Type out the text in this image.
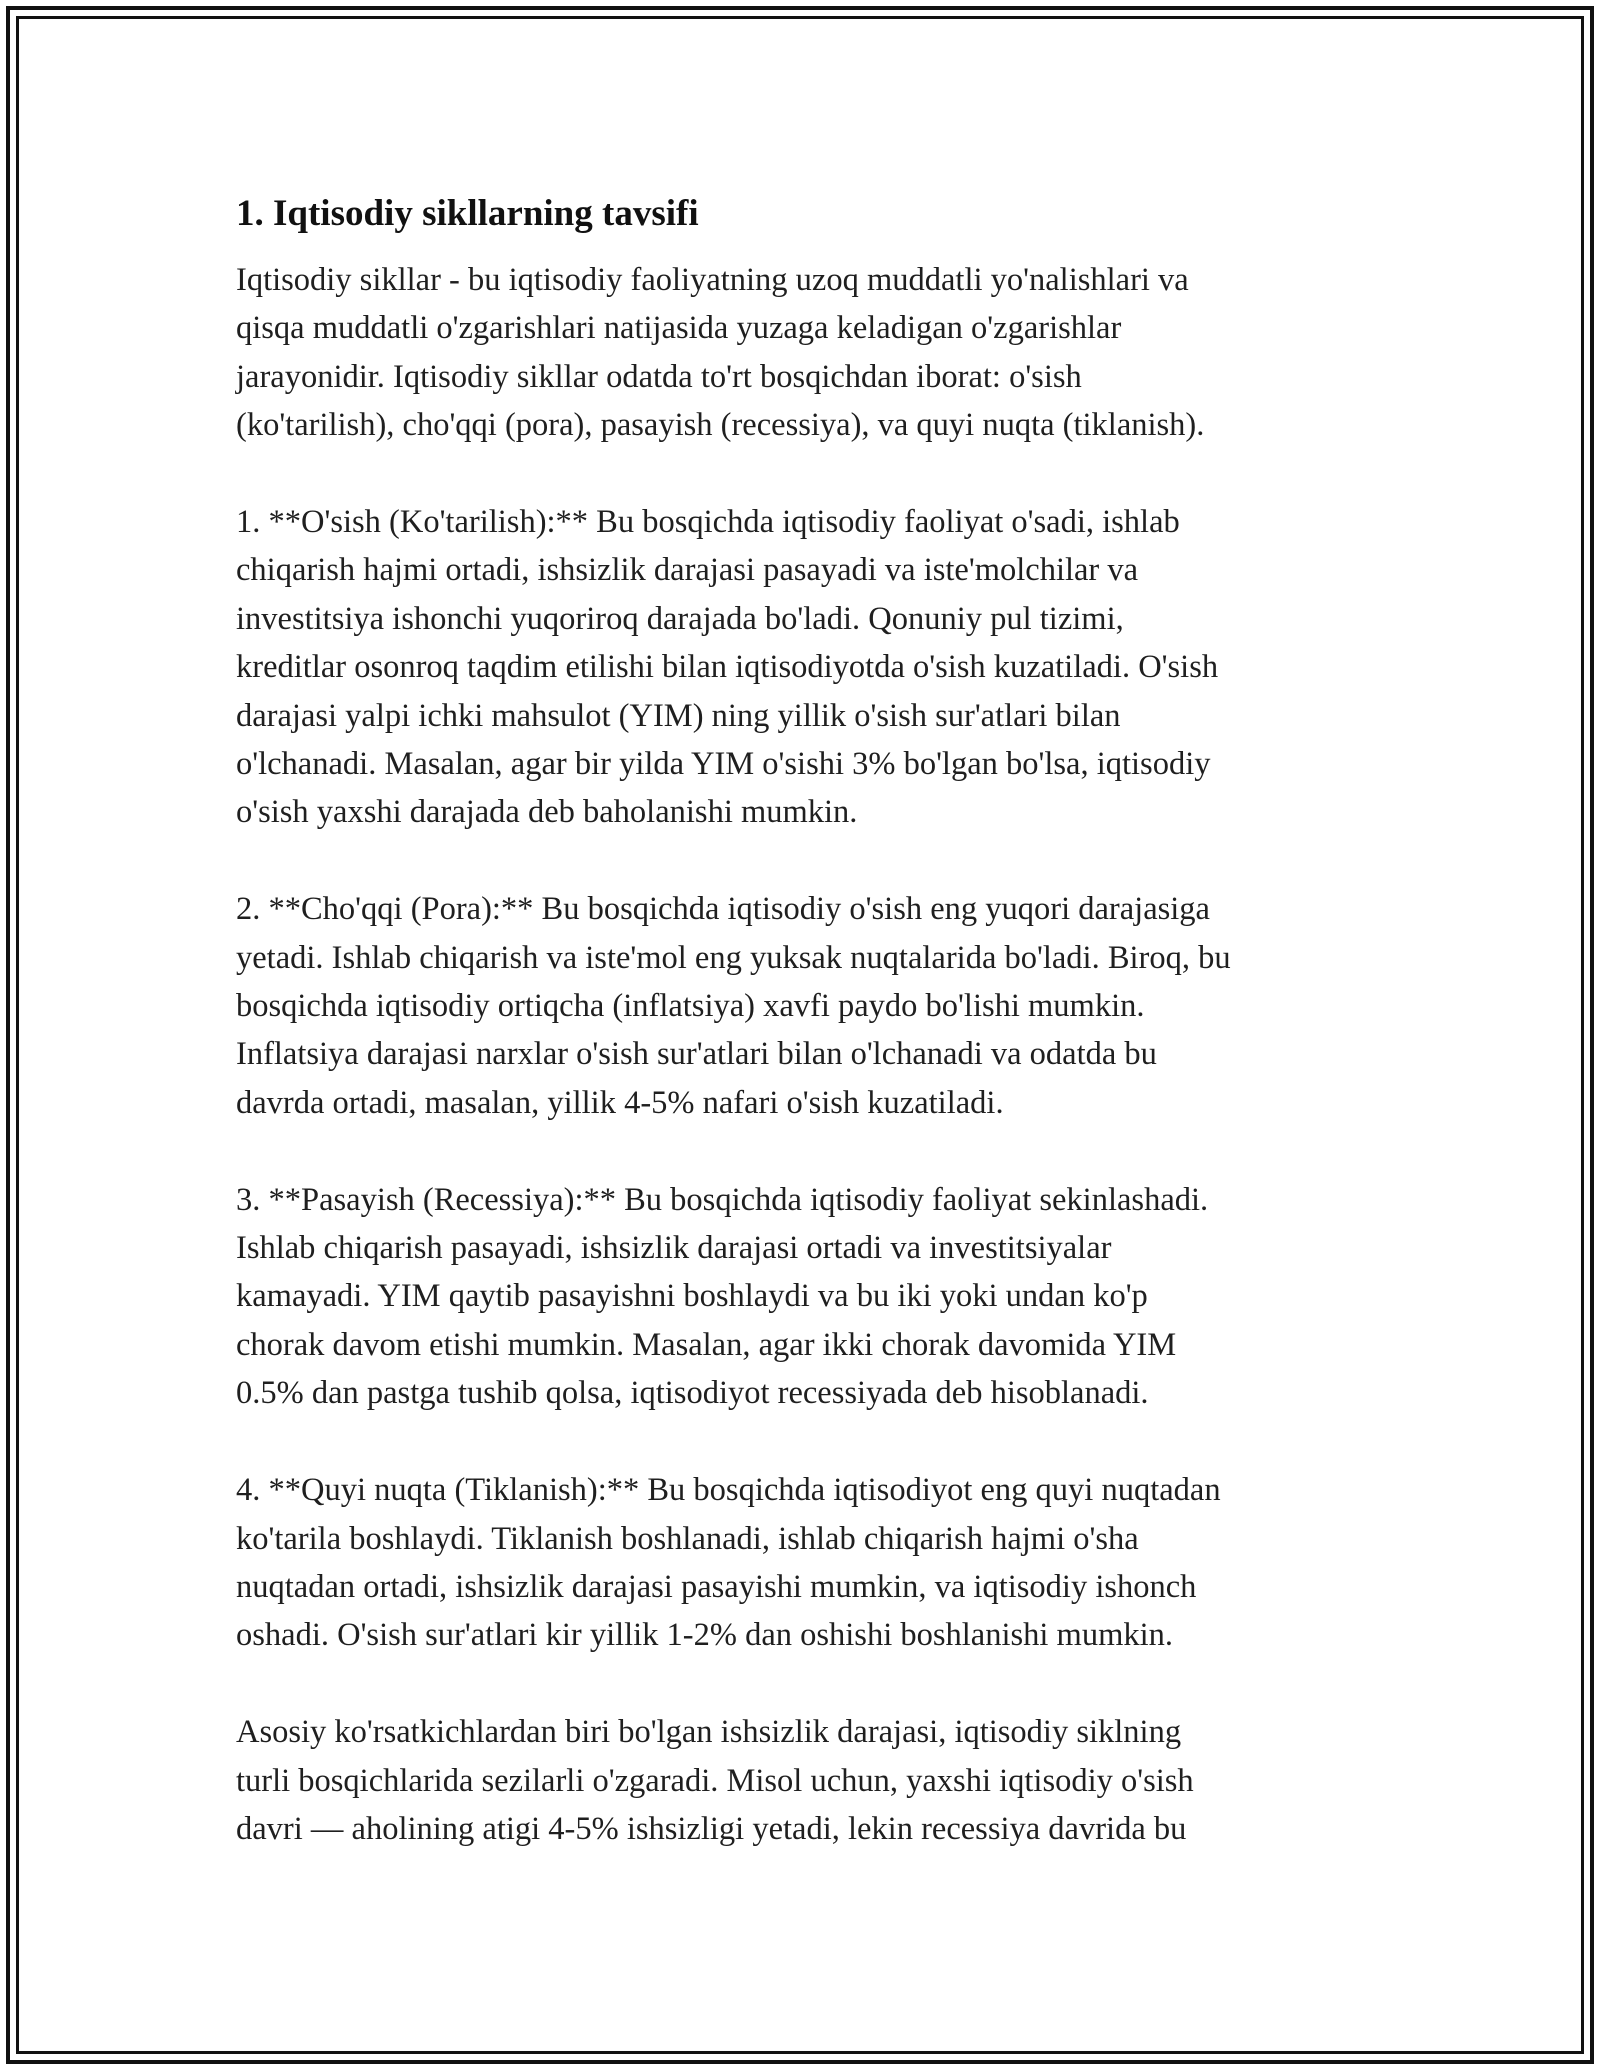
1. Iqtisodiy sikllarning tavsifi

Iqtisodiy sikllar - bu iqtisodiy faoliyatning uzoq muddatli yo'nalishlari va
qisqa muddatli o'zgarishlari natijasida yuzaga keladigan o'zgarishlar
jarayonidir. Iqtisodiy sikllar odatda to'rt bosqichdan iborat: o'sish
(ko'tarilish), cho'qqi (pora), pasayish (recessiya), va quyi nuqta (tiklanish).

1. **O'sish (Ko'tarilish):** Bu bosqichda iqtisodiy faoliyat o'sadi, ishlab
chiqarish hajmi ortadi, ishsizlik darajasi pasayadi va iste'molchilar va
investitsiya ishonchi yuqoriroq darajada bo'ladi. Qonuniy pul tizimi,
kreditlar osonroq taqdim etilishi bilan iqtisodiyotda o'sish kuzatiladi. O'sish
darajasi yalpi ichki mahsulot (YIM) ning yillik o'sish sur'atlari bilan
o'lchanadi. Masalan, agar bir yilda YIM o'sishi 3% bo'lgan bo'lsa, iqtisodiy
o'sish yaxshi darajada deb baholanishi mumkin.

2. **Cho'qqi (Pora):** Bu bosqichda iqtisodiy o'sish eng yuqori darajasiga
yetadi. Ishlab chiqarish va iste'mol eng yuksak nuqtalarida bo'ladi. Biroq, bu
bosqichda iqtisodiy ortiqcha (inflatsiya) xavfi paydo bo'lishi mumkin.
Inflatsiya darajasi narxlar o'sish sur'atlari bilan o'lchanadi va odatda bu
davrda ortadi, masalan, yillik 4-5% nafari o'sish kuzatiladi.

3. **Pasayish (Recessiya):** Bu bosqichda iqtisodiy faoliyat sekinlashadi.
Ishlab chiqarish pasayadi, ishsizlik darajasi ortadi va investitsiyalar
kamayadi. YIM qaytib pasayishni boshlaydi va bu iki yoki undan ko'p
chorak davom etishi mumkin. Masalan, agar ikki chorak davomida YIM
0.5% dan pastga tushib qolsa, iqtisodiyot recessiyada deb hisoblanadi.

4. **Quyi nuqta (Tiklanish):** Bu bosqichda iqtisodiyot eng quyi nuqtadan
ko'tarila boshlaydi. Tiklanish boshlanadi, ishlab chiqarish hajmi o'sha
nuqtadan ortadi, ishsizlik darajasi pasayishi mumkin, va iqtisodiy ishonch
oshadi. O'sish sur'atlari kir yillik 1-2% dan oshishi boshlanishi mumkin.

Asosiy ko'rsatkichlardan biri bo'lgan ishsizlik darajasi, iqtisodiy siklning
turli bosqichlarida sezilarli o'zgaradi. Misol uchun, yaxshi iqtisodiy o'sish
davri — aholining atigi 4-5% ishsizligi yetadi, lekin recessiya davrida bu
